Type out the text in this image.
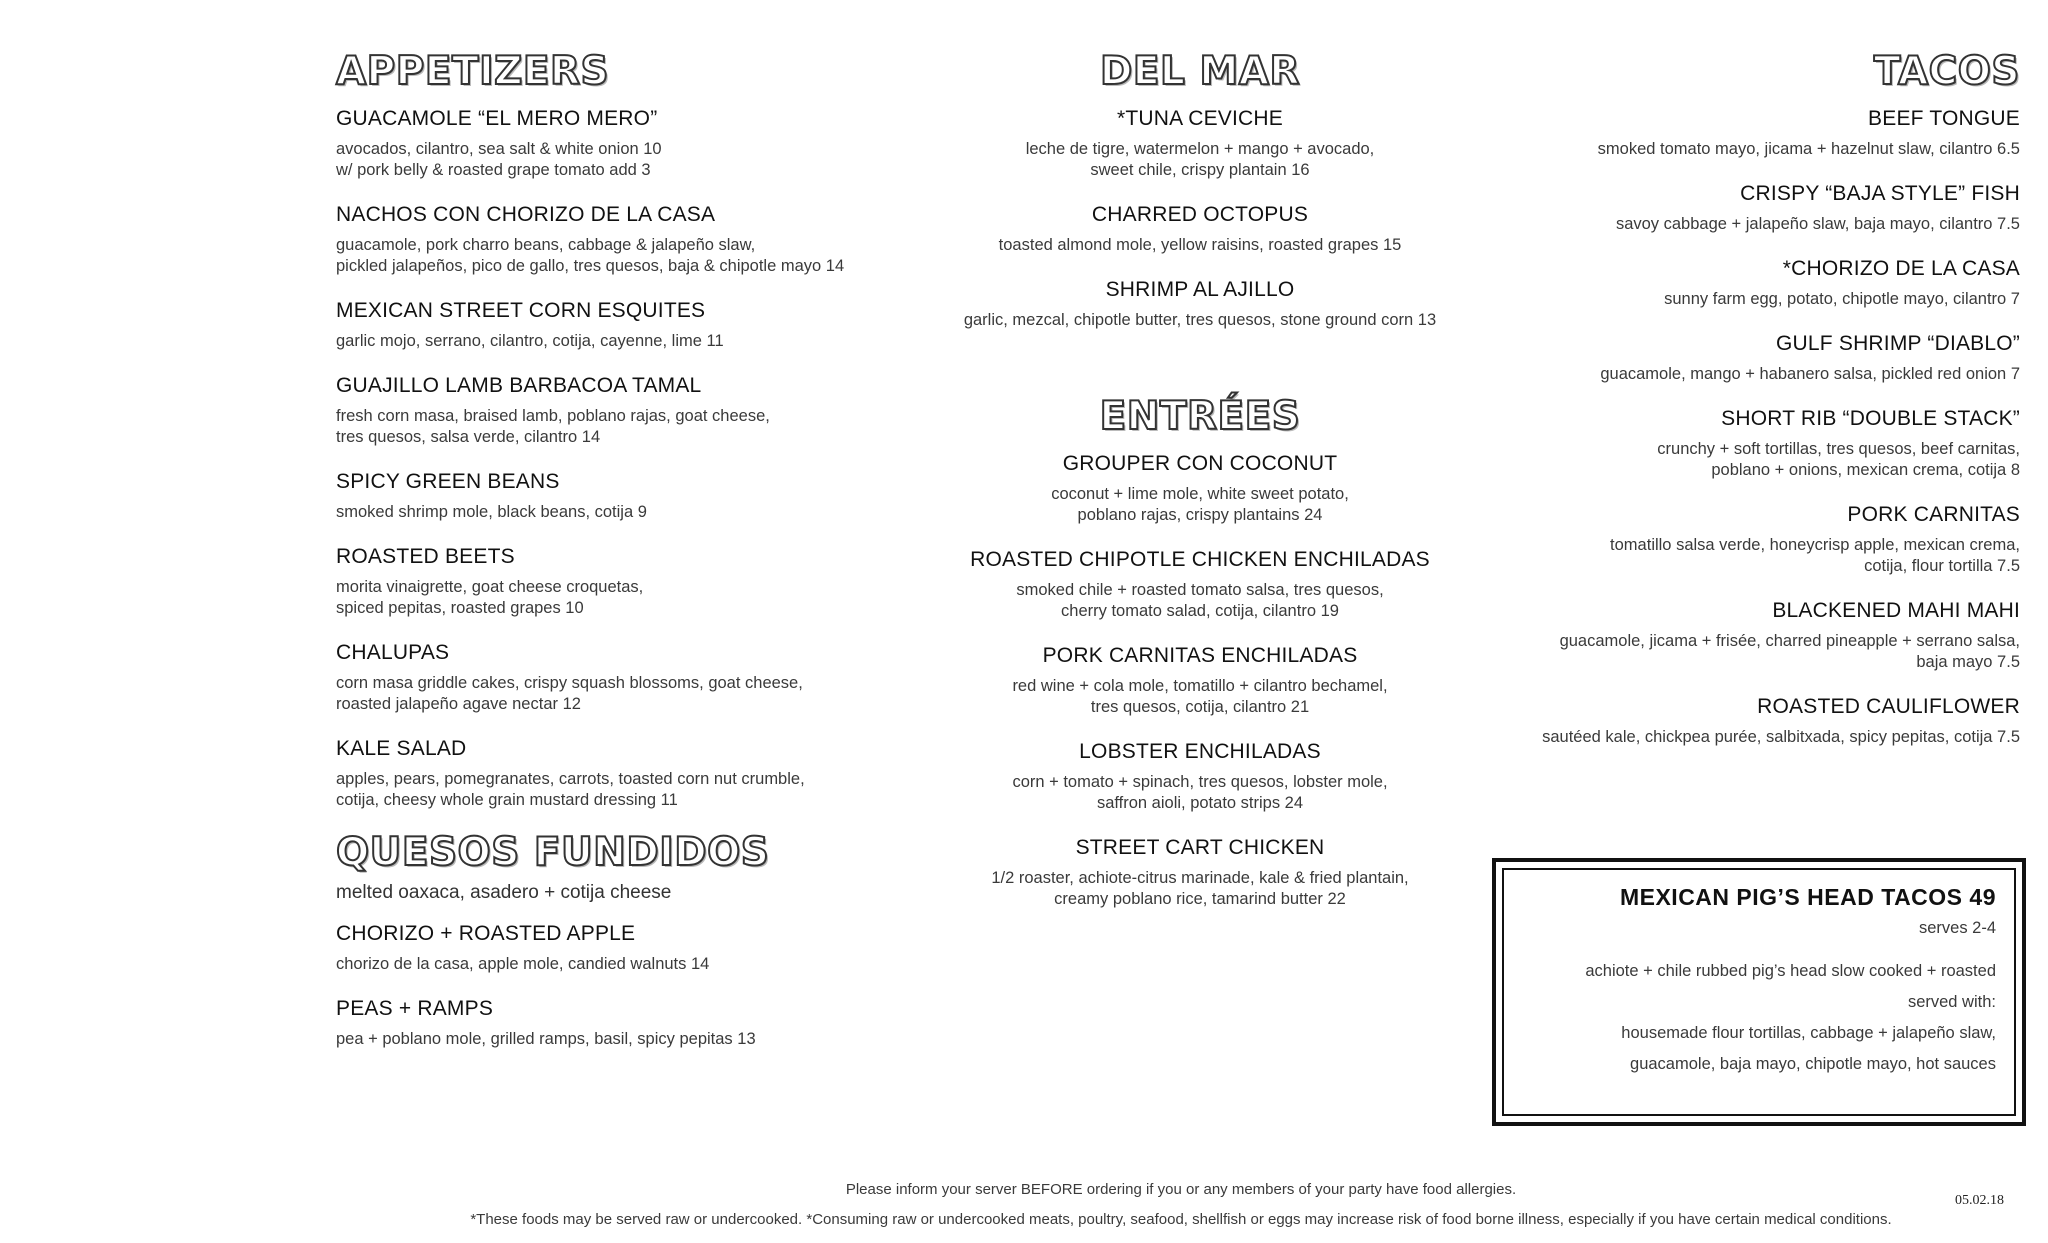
APPETIZERS

GUACAMOLE “EL MERO MERO”

avocados, cilantro, sea salt & white onion 10
w/ pork belly & roasted grape tomato add 3

NACHOS CON CHORIZO DE LA CASA

guacamole, pork charro beans, cabbage & jalapeño slaw,
pickled jalapeños, pico de gallo, tres quesos, baja & chipotle mayo 14

MEXICAN STREET CORN ESQUITES

garlic mojo, serrano, cilantro, cotija, cayenne, lime 11

GUAJILLO LAMB BARBACOA TAMAL

fresh corn masa, braised lamb, poblano rajas, goat cheese,
tres quesos, salsa verde, cilantro 14

SPICY GREEN BEANS

smoked shrimp mole, black beans, cotija 9

ROASTED BEETS

morita vinaigrette, goat cheese croquetas,
spiced pepitas, roasted grapes 10

CHALUPAS

corn masa griddle cakes, crispy squash blossoms, goat cheese,
roasted jalapeño agave nectar 12

KALE SALAD

apples, pears, pomegranates, carrots, toasted corn nut crumble,
cotija, cheesy whole grain mustard dressing 11

QUESOS FUNDIDOS
melted oaxaca, asadero + cotija cheese

CHORIZO + ROASTED APPLE

chorizo de la casa, apple mole, candied walnuts 14

PEAS + RAMPS

pea + poblano mole, grilled ramps, basil, spicy pepitas 13

DEL MAR

*TUNA CEVICHE

leche de tigre, watermelon + mango + avocado,
sweet chile, crispy plantain 16

CHARRED OCTOPUS

toasted almond mole, yellow raisins, roasted grapes 15

SHRIMP AL AJILLO

garlic, mezcal, chipotle butter, tres quesos, stone ground corn 13

ENTRÉES

GROUPER CON COCONUT

coconut + lime mole, white sweet potato,
poblano rajas, crispy plantains 24

ROASTED CHIPOTLE CHICKEN ENCHILADAS

smoked chile + roasted tomato salsa, tres quesos,
cherry tomato salad, cotija, cilantro 19

PORK CARNITAS ENCHILADAS

red wine + cola mole, tomatillo + cilantro bechamel,
tres quesos, cotija, cilantro 21

LOBSTER ENCHILADAS

corn + tomato + spinach, tres quesos, lobster mole,
saffron aioli, potato strips 24

STREET CART CHICKEN

1/2 roaster, achiote-citrus marinade, kale & fried plantain,
creamy poblano rice, tamarind butter 22

TACOS

BEEF TONGUE

smoked tomato mayo, jicama + hazelnut slaw, cilantro 6.5

CRISPY “BAJA STYLE” FISH

savoy cabbage + jalapeño slaw, baja mayo, cilantro 7.5

*CHORIZO DE LA CASA

sunny farm egg, potato, chipotle mayo, cilantro 7

GULF SHRIMP “DIABLO”

guacamole, mango + habanero salsa, pickled red onion 7

SHORT RIB “DOUBLE STACK”

crunchy + soft tortillas, tres quesos, beef carnitas,
poblano + onions, mexican crema, cotija 8

PORK CARNITAS

tomatillo salsa verde, honeycrisp apple, mexican crema,
cotija, flour tortilla 7.5

BLACKENED MAHI MAHI

guacamole, jicama + frisée, charred pineapple + serrano salsa,
baja mayo 7.5

ROASTED CAULIFLOWER

sautéed kale, chickpea purée, salbitxada, spicy pepitas, cotija 7.5

MEXICAN PIG’S HEAD TACOS 49

serves 2-4

achiote + chile rubbed pig’s head slow cooked + roasted

served with:

housemade flour tortillas, cabbage + jalapeño slaw,

guacamole, baja mayo, chipotle mayo, hot sauces

Please inform your server BEFORE ordering if you or any members of your party have food allergies.
*These foods may be served raw or undercooked. *Consuming raw or undercooked meats, poultry, seafood, shellfish or eggs may increase risk of food borne illness, especially if you have certain medical conditions.
05.02.18
